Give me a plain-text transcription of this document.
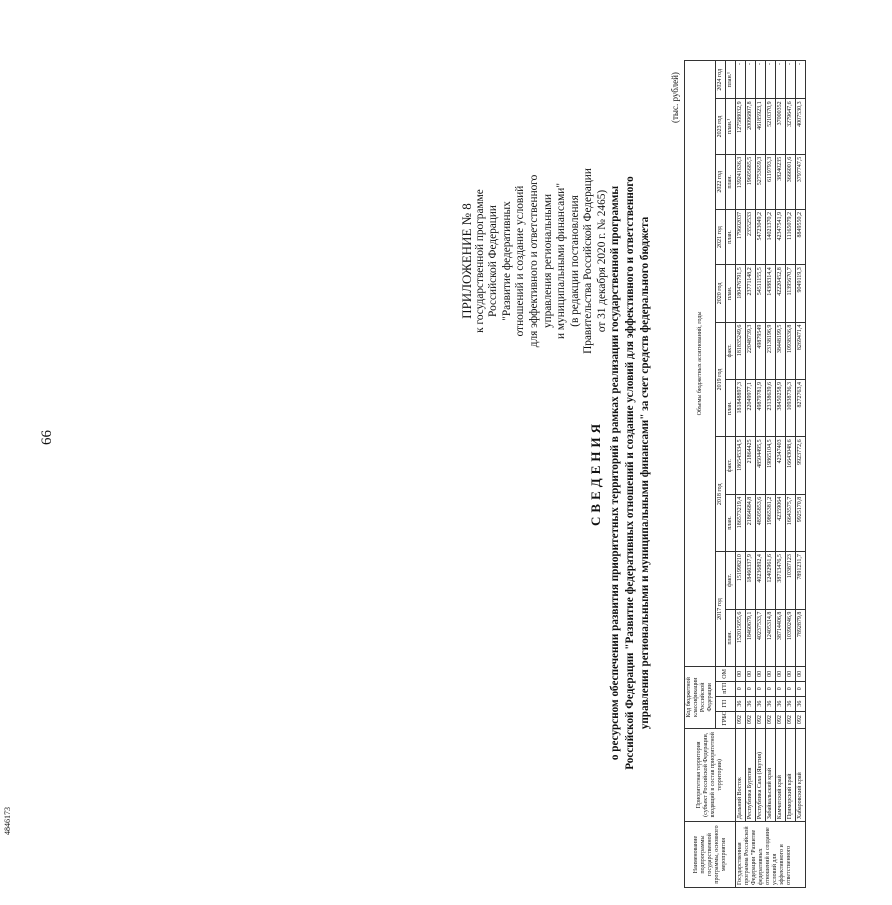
66
4846173
ПРИЛОЖЕНИЕ № 8 к государственной программе Российской Федерации "Развитие федеративных отношений и создание условий для эффективного и ответственного управления региональными и муниципальными финансами" (в редакции постановления Правительства Российской Федерации от 31 декабря 2020 г. № 2465)
СВЕДЕНИЯ о ресурсном обеспечении развития приоритетных территорий в рамках реализации государственной программы Российской Федерации "Развитие федеративных отношений и создание условий для эффективного и ответственного управления региональными и муниципальными финансами" за счет средств федерального бюджета
(тыс. рублей)
Наименование подпрограммы государственной программы, основного мероприятия	Приоритетная территория (субъект Российской Федерации, входящий в состав приоритетной территории)	Код бюджетной классификации Российской Федерации				Объемы бюджетных ассигнований, годы										
		ГРБС	ГП	пГП	ОМ	2017 год		2018 год		2019 год		2020 год	2021 год	2022 год	2023 год	2024 год
						план.	факт.	план.	факт.	план.	факт.	план.	план.	план.	план.¹	план.¹
Государственная программа Российской Федерации "Развитие федеративных отношений и создание условий для эффективного и ответственного	Дальний Восток	092	36	0	00	152015055,6	151998210	186573219,4	186545334,5	181848897,3	181835249,6	180476791,5	179602037	139241636,3	127588032,9	-
	Республика Бурятия	092	36	0	00	18460679,1	18460337,9	21864684,8	21864425	22049977,1	22048739,3	23771148,2	23552533	19605685,5	20096807,8	-
	Республика Саха (Якутия)	092	36	0	00	40237533,7	40236892,4	48505853,6	48504495,5	49879781,9	49879549	54511155,5	54723049,2	52753659,3	46185923,1	-
	Забайкальский край	092	36	0	00	12405314,8	12402961,6	19865381,2	19865104,5	23138639,6	23138196,9	14388314,4	14021370,2	6119793,3	5210370,9	-
	Камчатский край	092	36	0	00	38714406,8	38713476,5	42359064	42347403	38450258,9	38448199,5	42220452,8	42347541,9	38240235	37000352	-
	Приморский край	092	36	0	00	10390246,9	10387123	16643575,7	16643048,6	10938736,3	10938336,8	11395670,7	11165079,2	3666001,6	3279647,6	-
	Хабаровский край	092	36	0	00	7892879,8	7891231,7	9925170,8	9923772,6	8272763,4	8269471,4	9049119,3	8849550,2	3797747,5	4007530,3	-
